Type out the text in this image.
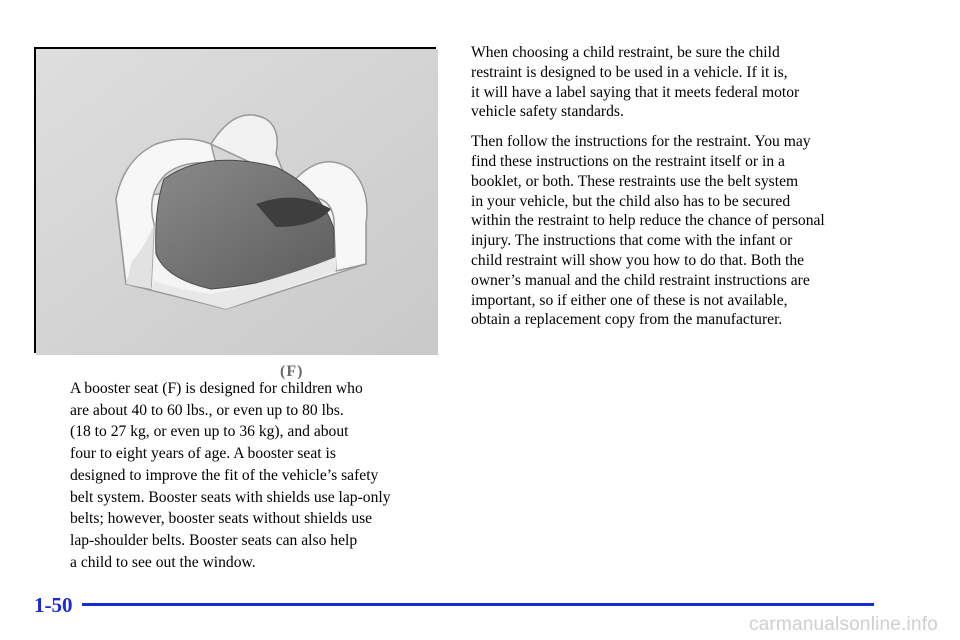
(F)
A booster seat (F) is designed for children who
are about 40 to 60 lbs., or even up to 80 lbs.
(18 to 27 kg, or even up to 36 kg), and about
four to eight years of age. A booster seat is
designed to improve the fit of the vehicle’s safety
belt system. Booster seats with shields use lap-only
belts; however, booster seats without shields use
lap-shoulder belts. Booster seats can also help
a child to see out the window.
When choosing a child restraint, be sure the child
restraint is designed to be used in a vehicle. If it is,
it will have a label saying that it meets federal motor
vehicle safety standards.
Then follow the instructions for the restraint. You may
find these instructions on the restraint itself or in a
booklet, or both. These restraints use the belt system
in your vehicle, but the child also has to be secured
within the restraint to help reduce the chance of personal
injury. The instructions that come with the infant or
child restraint will show you how to do that. Both the
owner’s manual and the child restraint instructions are
important, so if either one of these is not available,
obtain a replacement copy from the manufacturer.
1-50
carmanualsonline.info
